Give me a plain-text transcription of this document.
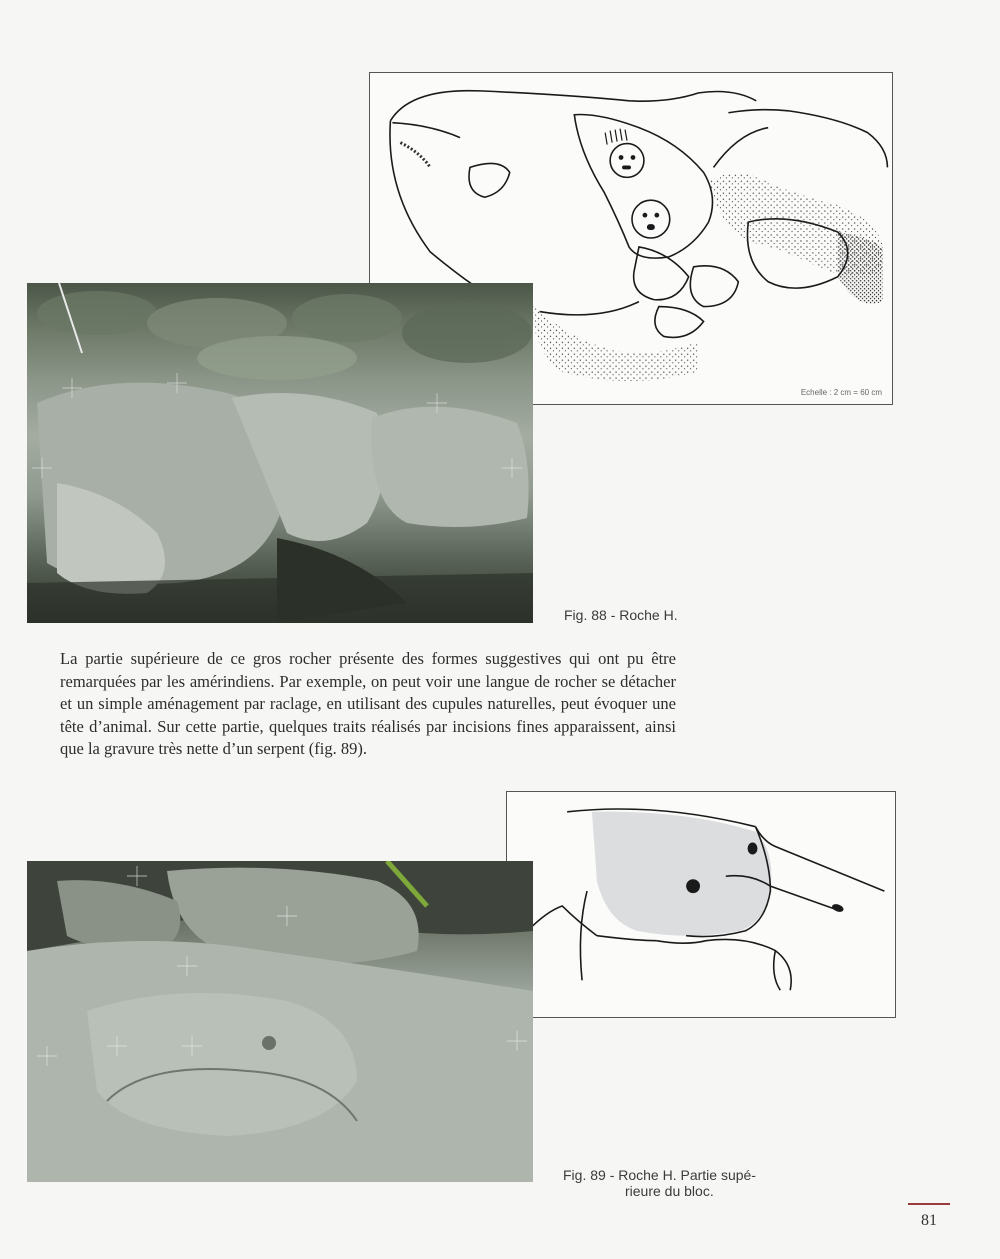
Echelle : 2 cm = 60 cm
Fig. 88 - Roche H.

La partie supérieure de ce gros rocher présente des formes suggestives qui ont pu être remarquées par les amérindiens. Par exemple, on peut voir une langue de rocher se détacher et un simple aménagement par raclage, en utilisant des cupules naturelles, peut évoquer une tête d’animal. Sur cette partie, quelques traits réalisés par incisions fines apparaissent, ainsi que la gravure très nette d’un serpent (fig. 89).

Fig. 89 - Roche H. Partie supé-
rieure du bloc.
81
